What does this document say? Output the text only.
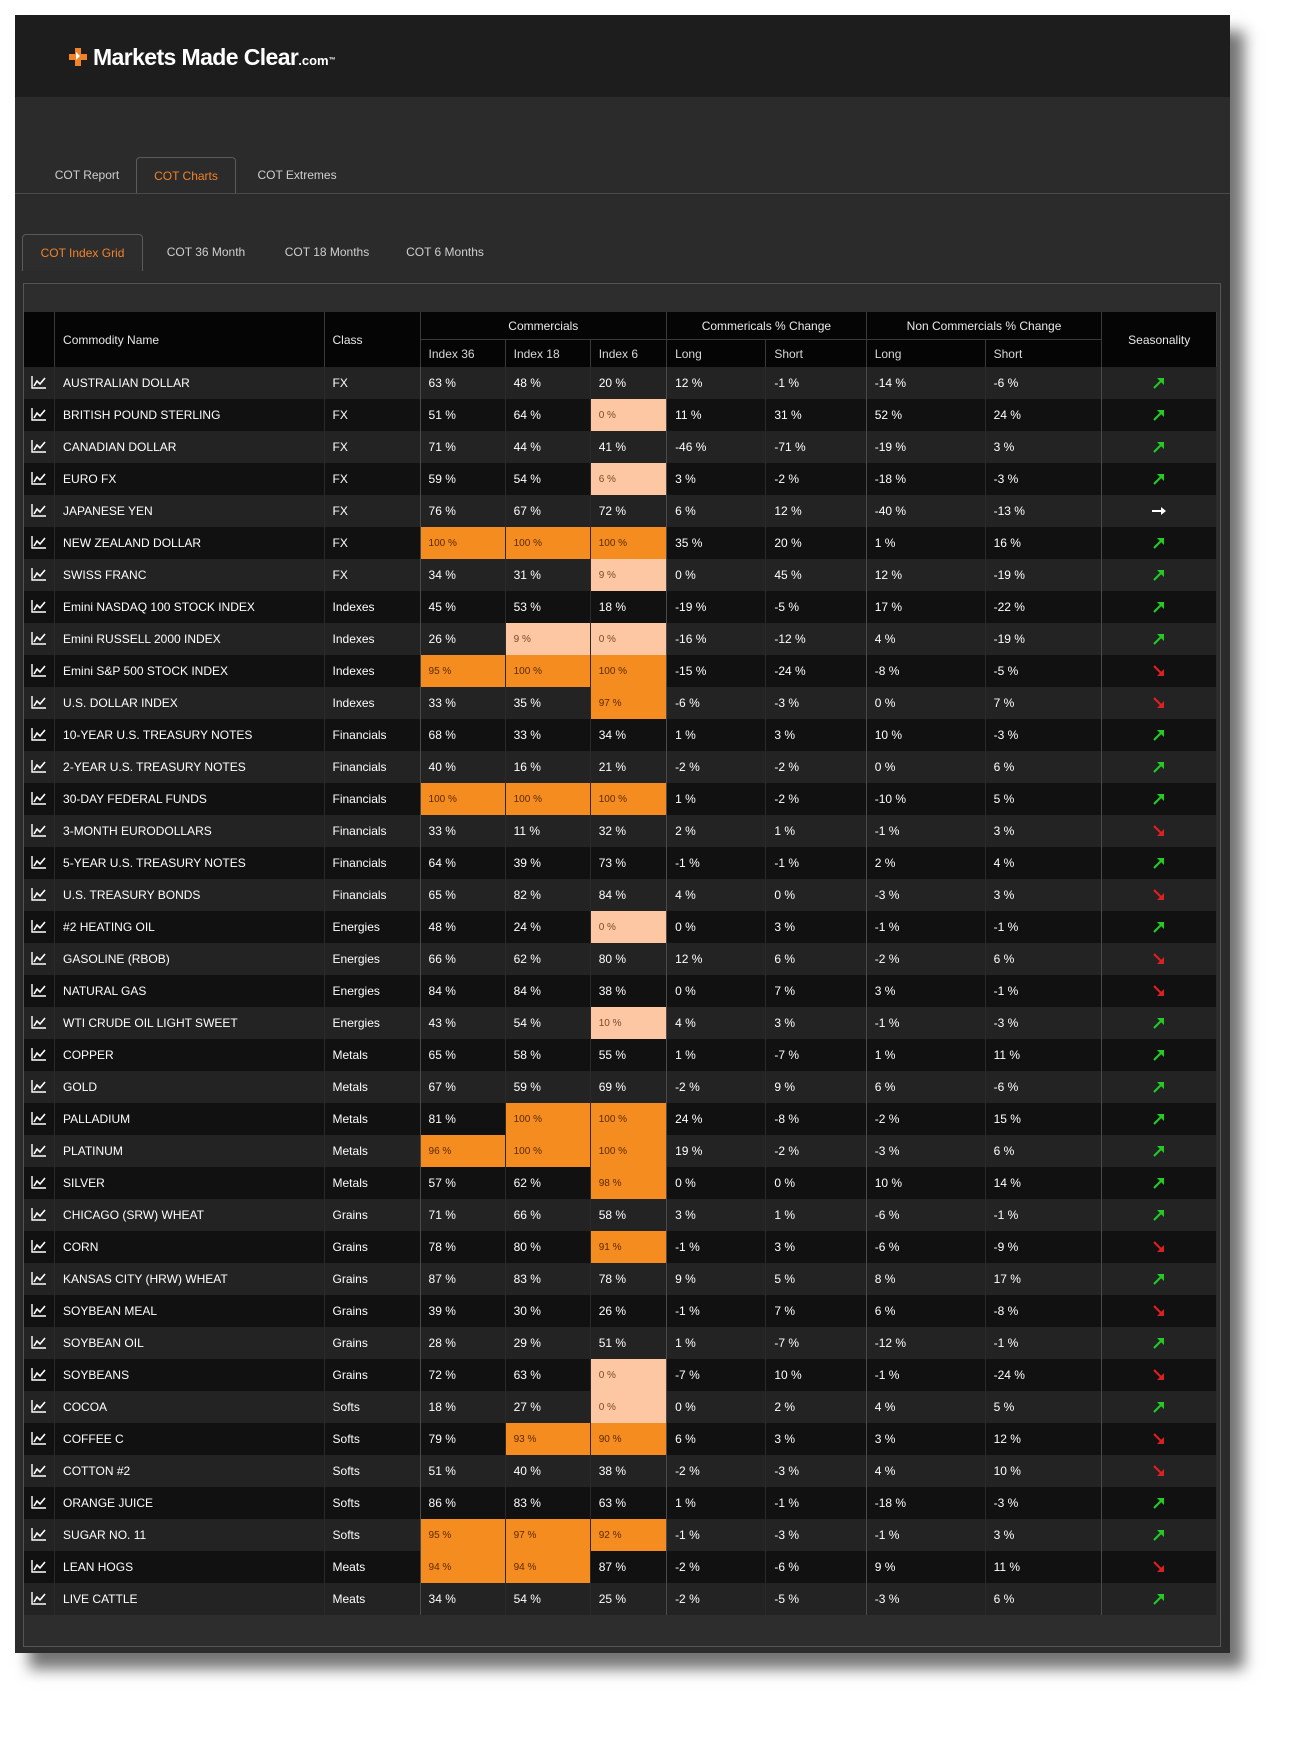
Markets Made Clear .com ™
COT Report	COT Charts	COT Extremes
COT Index Grid	COT 36 Month	COT 18 Months	COT 6 Months
	Commodity Name	Class	Commercials			Commericals % Change		Non Commercials % Change		Seasonality
			Index 36	Index 18	Index 6	Long	Short	Long	Short	
	AUSTRALIAN DOLLAR	FX	63 %	48 %	20 %	12 %	-1 %	-14 %	-6 %	
	BRITISH POUND STERLING	FX	51 %	64 %	0 %	11 %	31 %	52 %	24 %	
	CANADIAN DOLLAR	FX	71 %	44 %	41 %	-46 %	-71 %	-19 %	3 %	
	EURO FX	FX	59 %	54 %	6 %	3 %	-2 %	-18 %	-3 %	
	JAPANESE YEN	FX	76 %	67 %	72 %	6 %	12 %	-40 %	-13 %	
	NEW ZEALAND DOLLAR	FX	100 %	100 %	100 %	35 %	20 %	1 %	16 %	
	SWISS FRANC	FX	34 %	31 %	9 %	0 %	45 %	12 %	-19 %	
	Emini NASDAQ 100 STOCK INDEX	Indexes	45 %	53 %	18 %	-19 %	-5 %	17 %	-22 %	
	Emini RUSSELL 2000 INDEX	Indexes	26 %	9 %	0 %	-16 %	-12 %	4 %	-19 %	
	Emini S&P 500 STOCK INDEX	Indexes	95 %	100 %	100 %	-15 %	-24 %	-8 %	-5 %	
	U.S. DOLLAR INDEX	Indexes	33 %	35 %	97 %	-6 %	-3 %	0 %	7 %	
	10-YEAR U.S. TREASURY NOTES	Financials	68 %	33 %	34 %	1 %	3 %	10 %	-3 %	
	2-YEAR U.S. TREASURY NOTES	Financials	40 %	16 %	21 %	-2 %	-2 %	0 %	6 %	
	30-DAY FEDERAL FUNDS	Financials	100 %	100 %	100 %	1 %	-2 %	-10 %	5 %	
	3-MONTH EURODOLLARS	Financials	33 %	11 %	32 %	2 %	1 %	-1 %	3 %	
	5-YEAR U.S. TREASURY NOTES	Financials	64 %	39 %	73 %	-1 %	-1 %	2 %	4 %	
	U.S. TREASURY BONDS	Financials	65 %	82 %	84 %	4 %	0 %	-3 %	3 %	
	#2 HEATING OIL	Energies	48 %	24 %	0 %	0 %	3 %	-1 %	-1 %	
	GASOLINE (RBOB)	Energies	66 %	62 %	80 %	12 %	6 %	-2 %	6 %	
	NATURAL GAS	Energies	84 %	84 %	38 %	0 %	7 %	3 %	-1 %	
	WTI CRUDE OIL LIGHT SWEET	Energies	43 %	54 %	10 %	4 %	3 %	-1 %	-3 %	
	COPPER	Metals	65 %	58 %	55 %	1 %	-7 %	1 %	11 %	
	GOLD	Metals	67 %	59 %	69 %	-2 %	9 %	6 %	-6 %	
	PALLADIUM	Metals	81 %	100 %	100 %	24 %	-8 %	-2 %	15 %	
	PLATINUM	Metals	96 %	100 %	100 %	19 %	-2 %	-3 %	6 %	
	SILVER	Metals	57 %	62 %	98 %	0 %	0 %	10 %	14 %	
	CHICAGO (SRW) WHEAT	Grains	71 %	66 %	58 %	3 %	1 %	-6 %	-1 %	
	CORN	Grains	78 %	80 %	91 %	-1 %	3 %	-6 %	-9 %	
	KANSAS CITY (HRW) WHEAT	Grains	87 %	83 %	78 %	9 %	5 %	8 %	17 %	
	SOYBEAN MEAL	Grains	39 %	30 %	26 %	-1 %	7 %	6 %	-8 %	
	SOYBEAN OIL	Grains	28 %	29 %	51 %	1 %	-7 %	-12 %	-1 %	
	SOYBEANS	Grains	72 %	63 %	0 %	-7 %	10 %	-1 %	-24 %	
	COCOA	Softs	18 %	27 %	0 %	0 %	2 %	4 %	5 %	
	COFFEE C	Softs	79 %	93 %	90 %	6 %	3 %	3 %	12 %	
	COTTON #2	Softs	51 %	40 %	38 %	-2 %	-3 %	4 %	10 %	
	ORANGE JUICE	Softs	86 %	83 %	63 %	1 %	-1 %	-18 %	-3 %	
	SUGAR NO. 11	Softs	95 %	97 %	92 %	-1 %	-3 %	-1 %	3 %	
	LEAN HOGS	Meats	94 %	94 %	87 %	-2 %	-6 %	9 %	11 %	
	LIVE CATTLE	Meats	34 %	54 %	25 %	-2 %	-5 %	-3 %	6 %	
